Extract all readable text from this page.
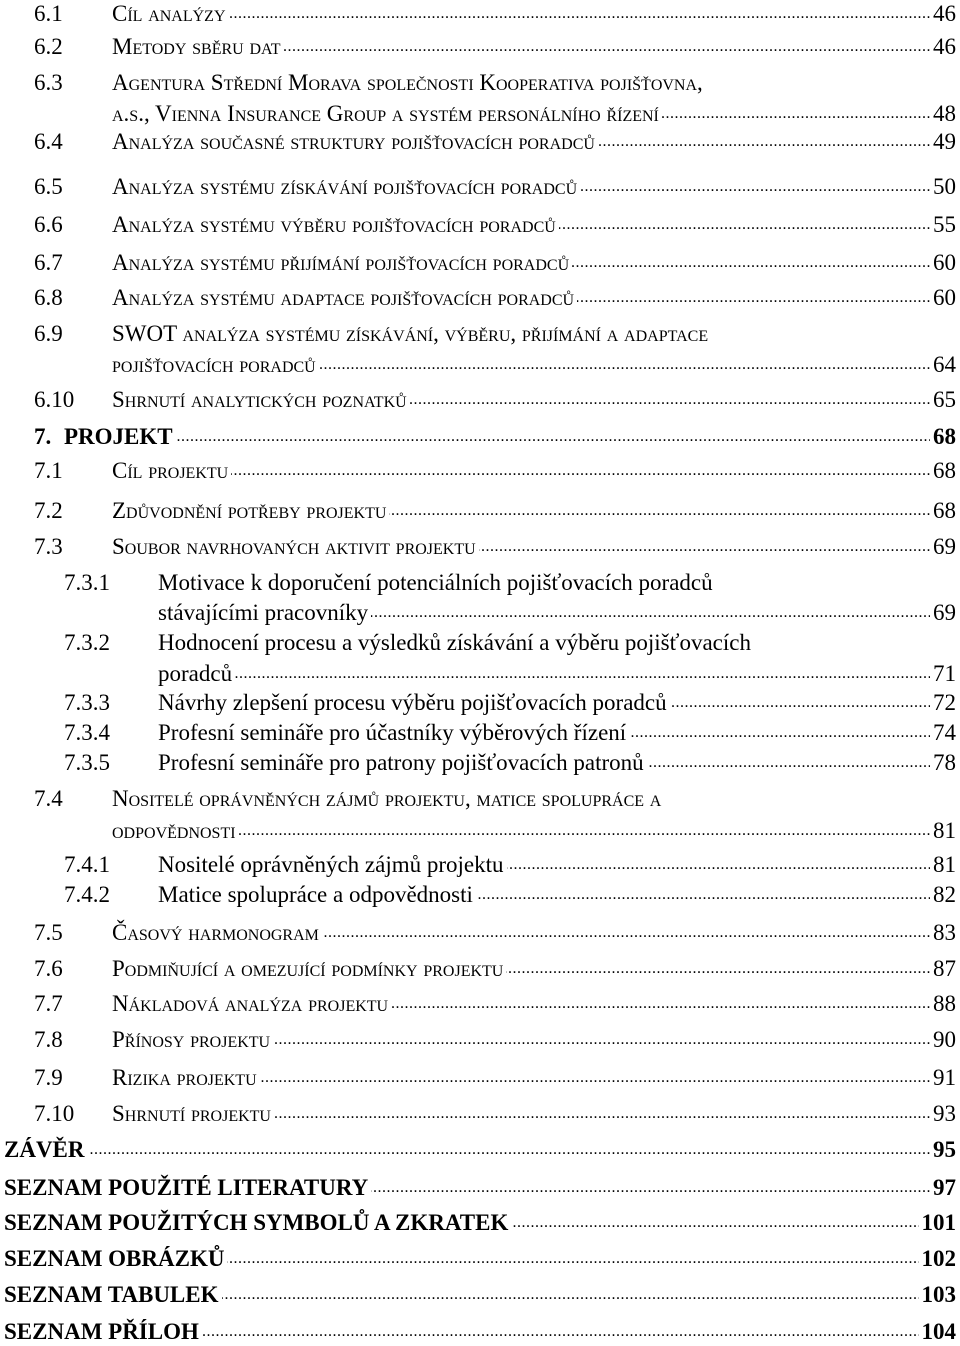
6.1 ..... Cíl analýzy	46
6.2 ..... Metody sběru dat	46
6.3 Agentura Střední Morava společnosti Kooperativa pojišťovna,
.....
a.s., Vienna Insurance Group a systém personálního řízení	48
6.4 ..... Analýza současné struktury pojišťovacích poradců	49
6.5 ..... Analýza systému získávání pojišťovacích poradců	50
6.6 ..... Analýza systému výběru pojišťovacích poradců	55
6.7 ..... Analýza systému přijímání pojišťovacích poradců	60
6.8 ..... Analýza systému adaptace pojišťovacích poradců	60
6.9 SWOT analýza systému získávání, výběru, přijímání a adaptace
.....
pojišťovacích poradců	64
6.10 ..... Shrnutí analytických poznatků	65
7. ..... PROJEKT	68
7.1 ..... Cíl projektu	68
7.2 ..... Zdůvodnění potřeby projektu	68
7.3 ..... Soubor navrhovaných aktivit projektu	69
7.3.1 Motivace k doporučení potenciálních pojišťovacích poradců
.....
stávajícími pracovníky	69
7.3.2 Hodnocení procesu a výsledků získávání a výběru pojišťovacích
.....
poradců	71
7.3.3 ..... Návrhy zlepšení procesu výběru pojišťovacích poradců	72
7.3.4 ..... Profesní semináře pro účastníky výběrových řízení	74
7.3.5 ..... Profesní semináře pro patrony pojišťovacích patronů	78
7.4 Nositelé oprávněných zájmů projektu, matice spolupráce a
.....
odpovědnosti	81
7.4.1 ..... Nositelé oprávněných zájmů projektu	81
7.4.2 ..... Matice spolupráce a odpovědnosti	82
7.5 ..... Časový harmonogram	83
7.6 ..... Podmiňující a omezující podmínky projektu	87
7.7 ..... Nákladová analýza projektu	88
7.8 ..... Přínosy projektu	90
7.9 ..... Rizika projektu	91
7.10 ..... Shrnutí projektu	93
.....
ZÁVĚR	95
.....
SEZNAM POUŽITÉ LITERATURY	97
.....
SEZNAM POUŽITÝCH SYMBOLŮ A ZKRATEK	101
.....
SEZNAM OBRÁZKŮ	102
.....
SEZNAM TABULEK	103
.....
SEZNAM PŘÍLOH	104
